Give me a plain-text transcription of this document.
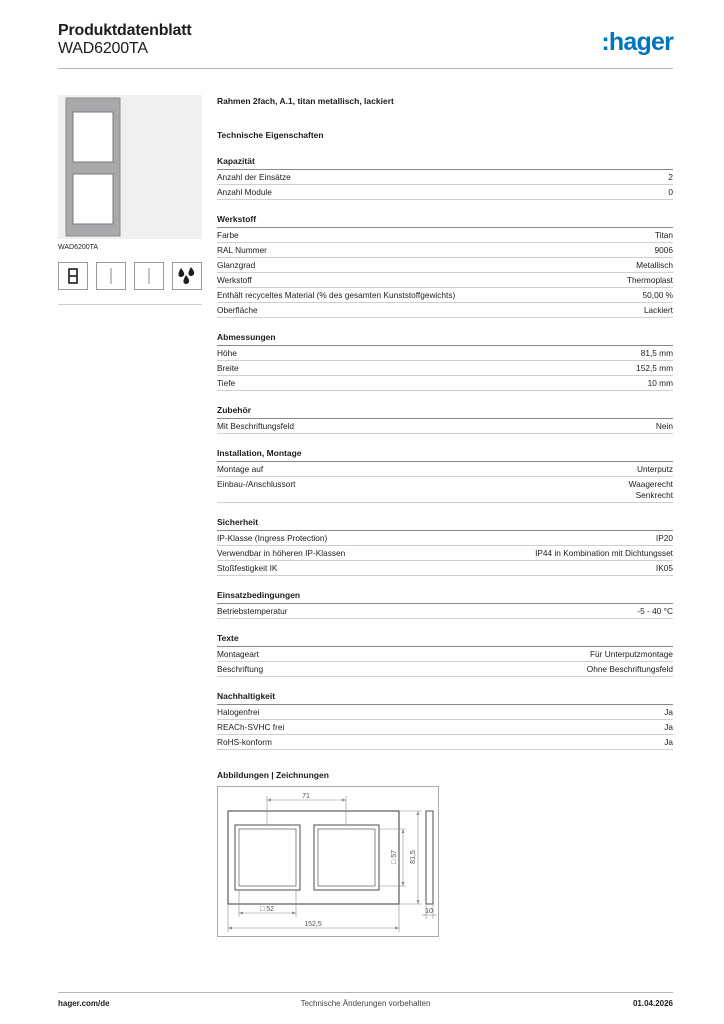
Produktdatenblatt
WAD6200TA	:hager
WAD6200TA
Rahmen 2fach, A.1, titan metallisch, lackiert
Technische Eigenschaften
Kapazität
Anzahl der Einsätze	2
Anzahl Module	0
Werkstoff
Farbe	Titan
RAL Nummer	9006
Glanzgrad	Metallisch
Werkstoff	Thermoplast
Enthält recyceltes Material (% des gesamten Kunststoffgewichts)	50,00 %
Oberfläche	Lackiert
Abmessungen
Höhe	81,5 mm
Breite	152,5 mm
Tiefe	10 mm
Zubehör
Mit Beschriftungsfeld	Nein
Installation, Montage
Montage auf	Unterputz
Einbau-/Anschlussort	Waagerecht
Senkrecht
Sicherheit
IP-Klasse (Ingress Protection)	IP20
Verwendbar in höheren IP-Klassen	IP44 in Kombination mit Dichtungsset
Stoßfestigkeit IK	IK05
Einsatzbedingungen
Betriebstemperatur	-5 - 40 °C
Texte
Montageart	Für Unterputzmontage
Beschriftung	Ohne Beschriftungsfeld
Nachhaltigkeit
Halogenfrei	Ja
REACh-SVHC frei	Ja
RoHS-konform	Ja
Abbildungen | Zeichnungen
71
□ 57 81,5
□ 52
152,5
10
hager.com/de	Technische Änderungen vorbehalten	01.04.2026
